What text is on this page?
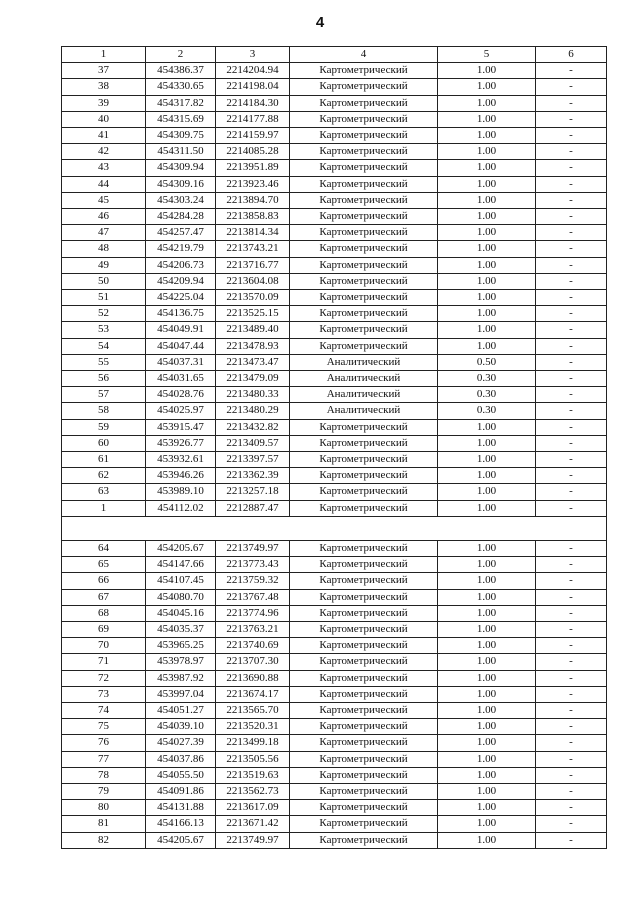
4
1	2	3	4	5	6
37	454386.37	2214204.94	Картометрический	1.00	-
38	454330.65	2214198.04	Картометрический	1.00	-
39	454317.82	2214184.30	Картометрический	1.00	-
40	454315.69	2214177.88	Картометрический	1.00	-
41	454309.75	2214159.97	Картометрический	1.00	-
42	454311.50	2214085.28	Картометрический	1.00	-
43	454309.94	2213951.89	Картометрический	1.00	-
44	454309.16	2213923.46	Картометрический	1.00	-
45	454303.24	2213894.70	Картометрический	1.00	-
46	454284.28	2213858.83	Картометрический	1.00	-
47	454257.47	2213814.34	Картометрический	1.00	-
48	454219.79	2213743.21	Картометрический	1.00	-
49	454206.73	2213716.77	Картометрический	1.00	-
50	454209.94	2213604.08	Картометрический	1.00	-
51	454225.04	2213570.09	Картометрический	1.00	-
52	454136.75	2213525.15	Картометрический	1.00	-
53	454049.91	2213489.40	Картометрический	1.00	-
54	454047.44	2213478.93	Картометрический	1.00	-
55	454037.31	2213473.47	Аналитический	0.50	-
56	454031.65	2213479.09	Аналитический	0.30	-
57	454028.76	2213480.33	Аналитический	0.30	-
58	454025.97	2213480.29	Аналитический	0.30	-
59	453915.47	2213432.82	Картометрический	1.00	-
60	453926.77	2213409.57	Картометрический	1.00	-
61	453932.61	2213397.57	Картометрический	1.00	-
62	453946.26	2213362.39	Картометрический	1.00	-
63	453989.10	2213257.18	Картометрический	1.00	-
1	454112.02	2212887.47	Картометрический	1.00	-

64	454205.67	2213749.97	Картометрический	1.00	-
65	454147.66	2213773.43	Картометрический	1.00	-
66	454107.45	2213759.32	Картометрический	1.00	-
67	454080.70	2213767.48	Картометрический	1.00	-
68	454045.16	2213774.96	Картометрический	1.00	-
69	454035.37	2213763.21	Картометрический	1.00	-
70	453965.25	2213740.69	Картометрический	1.00	-
71	453978.97	2213707.30	Картометрический	1.00	-
72	453987.92	2213690.88	Картометрический	1.00	-
73	453997.04	2213674.17	Картометрический	1.00	-
74	454051.27	2213565.70	Картометрический	1.00	-
75	454039.10	2213520.31	Картометрический	1.00	-
76	454027.39	2213499.18	Картометрический	1.00	-
77	454037.86	2213505.56	Картометрический	1.00	-
78	454055.50	2213519.63	Картометрический	1.00	-
79	454091.86	2213562.73	Картометрический	1.00	-
80	454131.88	2213617.09	Картометрический	1.00	-
81	454166.13	2213671.42	Картометрический	1.00	-
82	454205.67	2213749.97	Картометрический	1.00	-
